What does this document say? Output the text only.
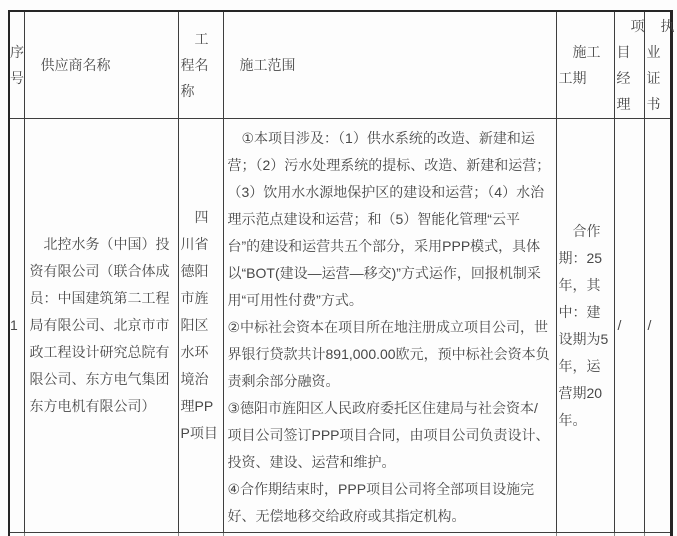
序号	供应商名称	工程名称	施工范围	施工工期	项目经理	执业证书
1	北控水务（中国）投资有限公司（联合体成员：中国建筑第二工程局有限公司、北京市市政工程设计研究总院有限公司、东方电气集团东方电机有限公司）	四川省德阳市旌阳区水环境治理PPP项目	①本项目涉及：（1）供水系统的改造、新建和运营；（2）污水处理系统的提标、改造、新建和运营；（3）饮用水水源地保护区的建设和运营；（4）水治理示范点建设和运营；和（5）智能化管理“云平台”的建设和运营共五个部分，采用PPP模式，具体以“BOT(建设—运营—移交)”方式运作，回报机制采用“可用性付费”方式。

②中标社会资本在项目所在地注册成立项目公司，世界银行贷款共计891,000.00欧元，预中标社会资本负责剩余部分融资。

③德阳市旌阳区人民政府委托区住建局与社会资本/项目公司签订PPP项目合同，由项目公司负责设计、投资、建设、运营和维护。

④合作期结束时，PPP项目公司将全部项目设施完好、无偿地移交给政府或其指定机构。	合作期：25年，其中：建设期为5年，运营期20年。	/	/
